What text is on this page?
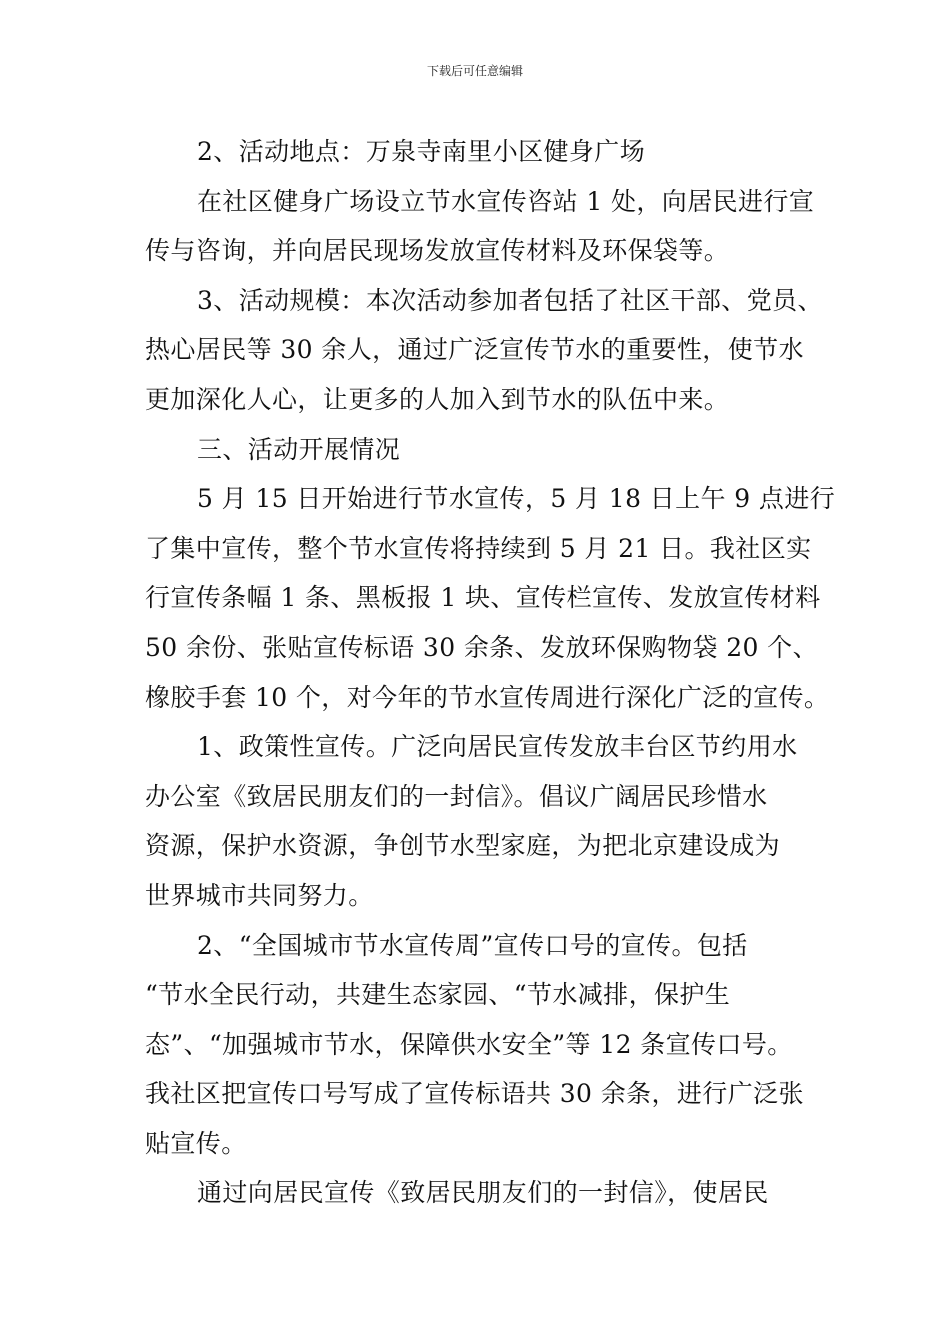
下载后可任意编辑
2、活动地点：万泉寺南里小区健身广场
在社区健身广场设立节水宣传咨站 1 处，向居民进行宣
传与咨询，并向居民现场发放宣传材料及环保袋等。
3、活动规模：本次活动参加者包括了社区干部、党员、
热心居民等 30 余人，通过广泛宣传节水的重要性，使节水
更加深化人心，让更多的人加入到节水的队伍中来。
三、活动开展情况
5 月 15 日开始进行节水宣传，5 月 18 日上午 9 点进行
了集中宣传，整个节水宣传将持续到 5 月 21 日。我社区实
行宣传条幅 1 条、黑板报 1 块、宣传栏宣传、发放宣传材料
50 余份、张贴宣传标语 30 余条、发放环保购物袋 20 个、
橡胶手套 10 个，对今年的节水宣传周进行深化广泛的宣传。
1、政策性宣传。广泛向居民宣传发放丰台区节约用水
办公室《致居民朋友们的一封信》。倡议广阔居民珍惜水
资源，保护水资源，争创节水型家庭，为把北京建设成为
世界城市共同努力。
2、“全国城市节水宣传周”宣传口号的宣传。包括
“节水全民行动，共建生态家园、“节水减排，保护生
态”、“加强城市节水，保障供水安全”等 12 条宣传口号。
我社区把宣传口号写成了宣传标语共 30 余条，进行广泛张
贴宣传。
通过向居民宣传《致居民朋友们的一封信》，使居民
